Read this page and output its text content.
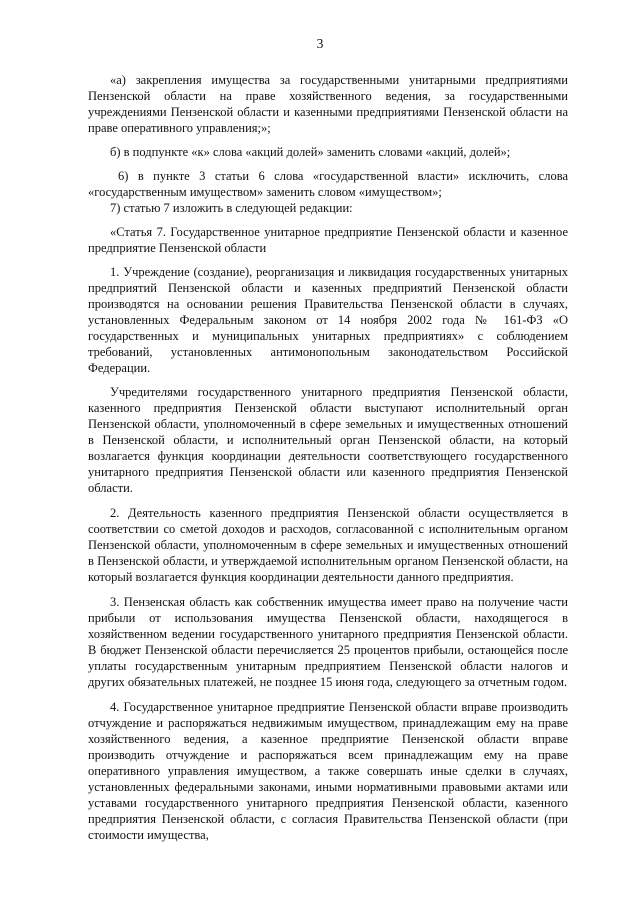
3

«а) закрепления имущества за государственными унитарными предприятиями Пензенской области на праве хозяйственного ведения, за государственными учреждениями Пензенской области и казенными предприятиями Пензенской области на праве оперативного управления;»;

б) в подпункте «к» слова «акций долей» заменить словами «акций, долей»;

6) в пункте 3 статьи 6 слова «государственной власти» исключить, слова «государственным имуществом» заменить словом «имуществом»;

7) статью 7 изложить в следующей редакции:

«Статья 7. Государственное унитарное предприятие Пензенской области и казенное предприятие Пензенской области

1. Учреждение (создание), реорганизация и ликвидация государственных унитарных предприятий Пензенской области и казенных предприятий Пензенской области производятся на основании решения Правительства Пензенской области в случаях, установленных Федеральным законом от 14 ноября 2002 года № 161-ФЗ «О государственных и муниципальных унитарных предприятиях» с соблюдением требований, установленных антимонопольным законодательством Российской Федерации.

Учредителями государственного унитарного предприятия Пензенской области, казенного предприятия Пензенской области выступают исполнительный орган Пензенской области, уполномоченный в сфере земельных и имущественных отношений в Пензенской области, и исполнительный орган Пензенской области, на который возлагается функция координации деятельности соответствующего государственного унитарного предприятия Пензенской области или казенного предприятия Пензенской области.

2. Деятельность казенного предприятия Пензенской области осуществляется в соответствии со сметой доходов и расходов, согласованной с исполнительным органом Пензенской области, уполномоченным в сфере земельных и имущественных отношений в Пензенской области, и утверждаемой исполнительным органом Пензенской области, на который возлагается функция координации деятельности данного предприятия.

3. Пензенская область как собственник имущества имеет право на получение части прибыли от использования имущества Пензенской области, находящегося в хозяйственном ведении государственного унитарного предприятия Пензенской области. В бюджет Пензенской области перечисляется 25 процентов прибыли, остающейся после уплаты государственным унитарным предприятием Пензенской области налогов и других обязательных платежей, не позднее 15 июня года, следующего за отчетным годом.

4. Государственное унитарное предприятие Пензенской области вправе производить отчуждение и распоряжаться недвижимым имуществом, принадлежащим ему на праве хозяйственного ведения, а казенное предприятие Пензенской области вправе производить отчуждение и распоряжаться всем принадлежащим ему на праве оперативного управления имуществом, а также совершать иные сделки в случаях, установленных федеральными законами, иными нормативными правовыми актами или уставами государственного унитарного предприятия Пензенской области, казенного предприятия Пензенской области, с согласия Правительства Пензенской области (при стоимости имущества,
